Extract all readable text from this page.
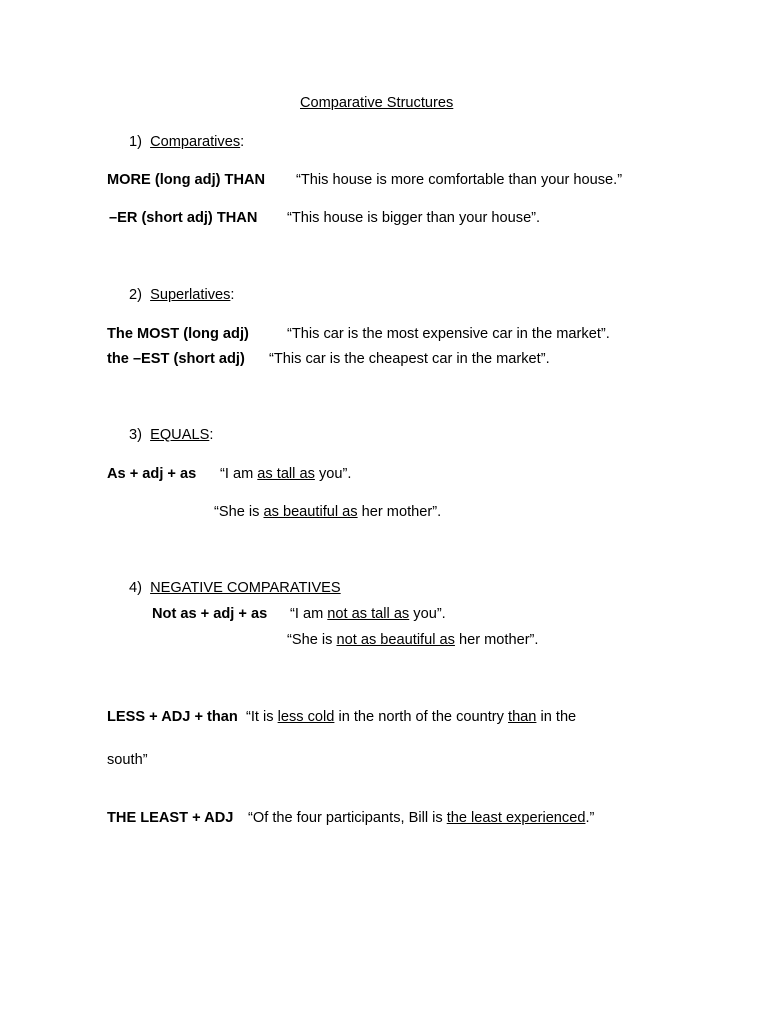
Comparative Structures
1) Comparatives:
MORE (long adj) THAN “This house is more comfortable than your house.”
–ER (short adj) THAN “This house is bigger than your house”.
2) Superlatives:
The MOST (long adj)	“This car is the most expensive car in the market”.
the –EST (short adj) “This car is the cheapest car in the market”.
3) EQUALS:
As + adj + as “I am as tall as you”.
“She is as beautiful as her mother”.
4) NEGATIVE COMPARATIVES
Not as + adj + as “I am not as tall as you”.
“She is not as beautiful as her mother”.
LESS + ADJ + than “It is less cold in the north of the country than in the
south”
THE LEAST + ADJ “Of the four participants, Bill is the least experienced.”
